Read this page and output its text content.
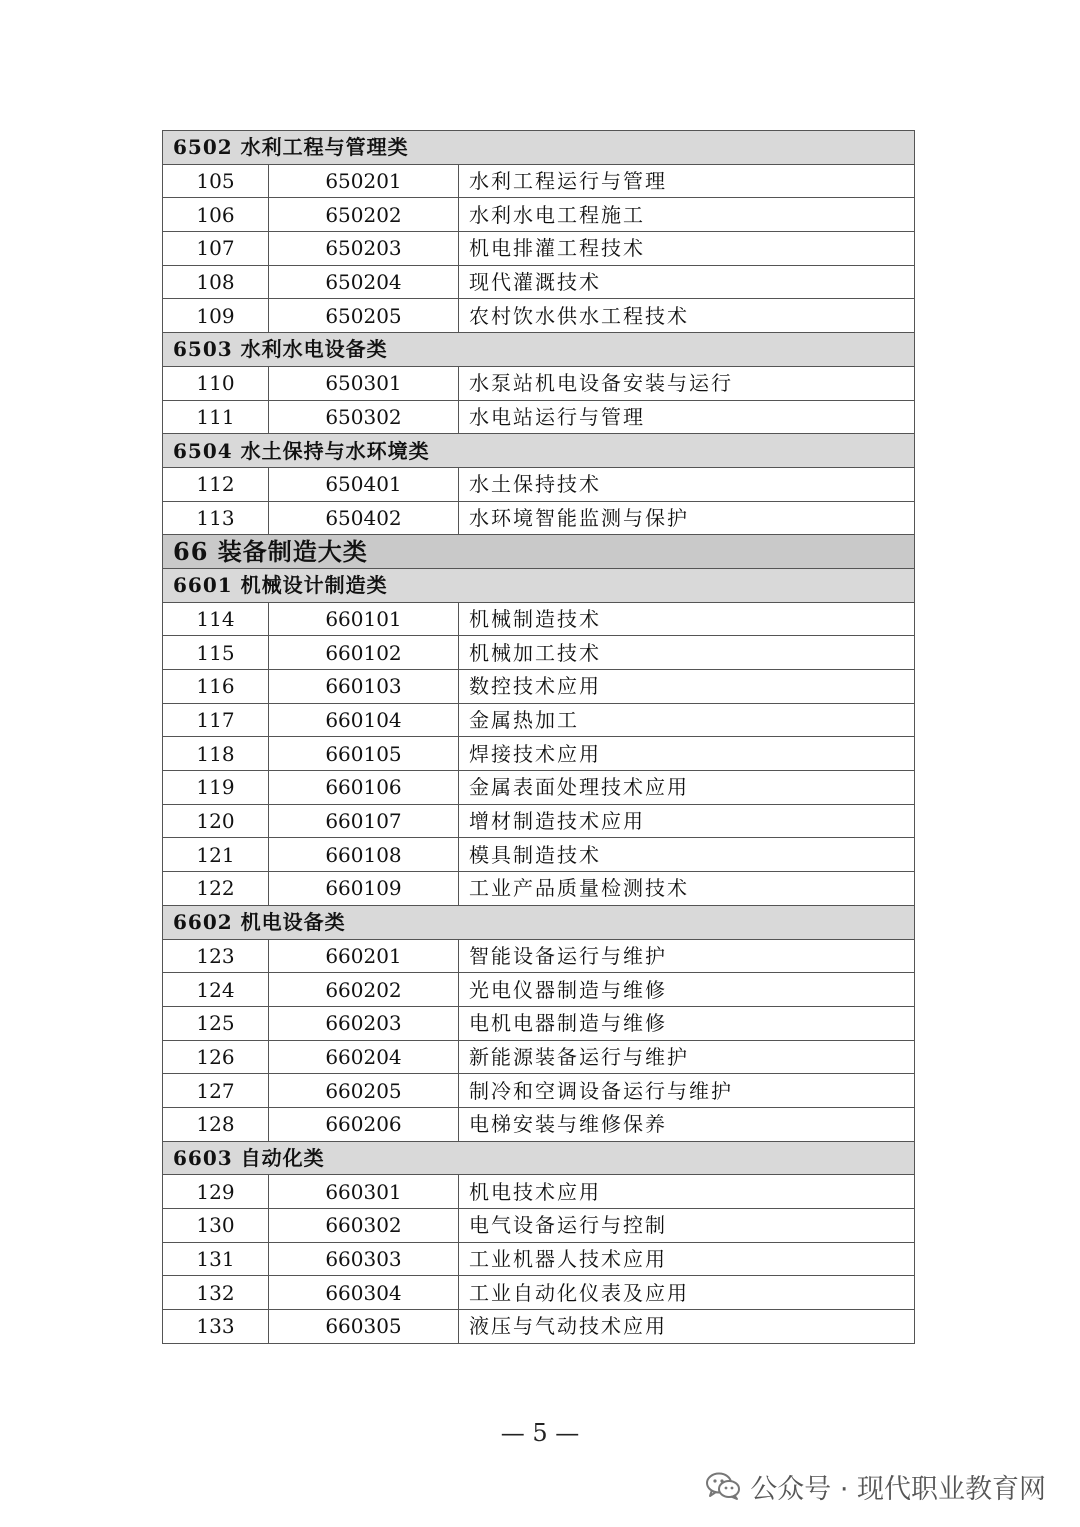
6502 水利工程与管理类		
105	650201	水利工程运行与管理
106	650202	水利水电工程施工
107	650203	机电排灌工程技术
108	650204	现代灌溉技术
109	650205	农村饮水供水工程技术
6503 水利水电设备类		
110	650301	水泵站机电设备安装与运行
111	650302	水电站运行与管理
6504 水土保持与水环境类		
112	650401	水土保持技术
113	650402	水环境智能监测与保护
66 装备制造大类		
6601 机械设计制造类		
114	660101	机械制造技术
115	660102	机械加工技术
116	660103	数控技术应用
117	660104	金属热加工
118	660105	焊接技术应用
119	660106	金属表面处理技术应用
120	660107	增材制造技术应用
121	660108	模具制造技术
122	660109	工业产品质量检测技术
6602 机电设备类		
123	660201	智能设备运行与维护
124	660202	光电仪器制造与维修
125	660203	电机电器制造与维修
126	660204	新能源装备运行与维护
127	660205	制冷和空调设备运行与维护
128	660206	电梯安装与维修保养
6603 自动化类		
129	660301	机电技术应用
130	660302	电气设备运行与控制
131	660303	工业机器人技术应用
132	660304	工业自动化仪表及应用
133	660305	液压与气动技术应用
— 5 —
公众号 · 现代职业教育网
